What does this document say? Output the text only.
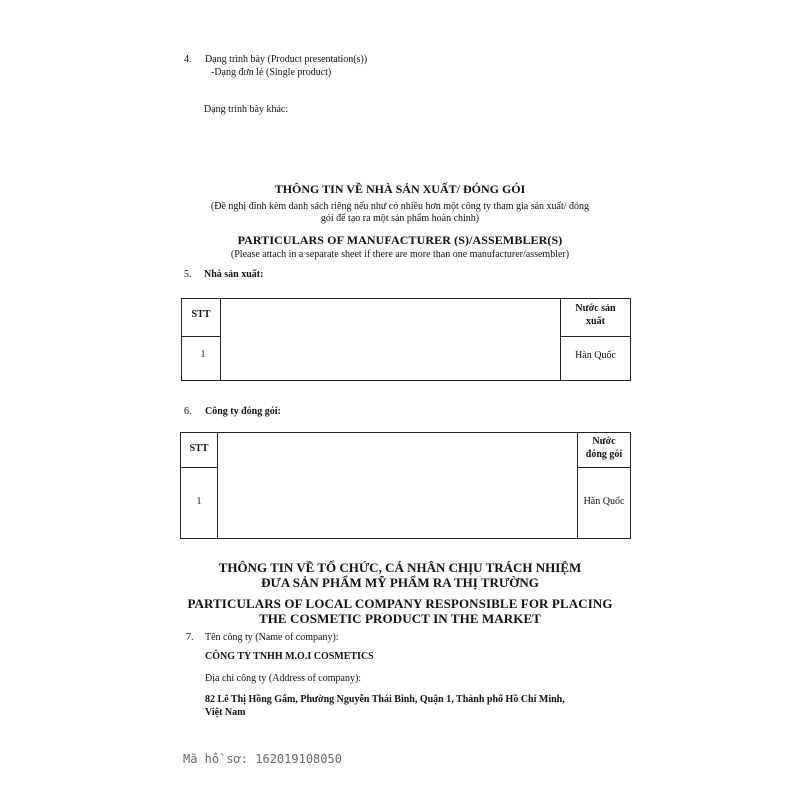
4. Dạng trình bày (Product presentation(s))
-Dạng đơn lẻ (Single product)
Dạng trình bày khác:
THÔNG TIN VỀ NHÀ SẢN XUẤT/ ĐÓNG GÓI
(Đề nghị đính kèm danh sách riêng nếu như có nhiều hơn một công ty tham gia sản xuất/ đóng
gói để tạo ra một sản phẩm hoàn chỉnh)
PARTICULARS OF MANUFACTURER (S)/ASSEMBLER(S)
(Please attach in a separate sheet if there are more than one manufacturer/assembler)
5. Nhà sản xuất:
STT
Nước sản
xuất
1	Hàn Quốc
6. Công ty đóng gói:
STT
Nước
đóng gói
1	Hàn Quốc
THÔNG TIN VỀ TỔ CHỨC, CÁ NHÂN CHỊU TRÁCH NHIỆM
ĐƯA SẢN PHẨM MỸ PHẨM RA THỊ TRƯỜNG
PARTICULARS OF LOCAL COMPANY RESPONSIBLE FOR PLACING
THE COSMETIC PRODUCT IN THE MARKET
7. Tên công ty (Name of company):
CÔNG TY TNHH M.O.I COSMETICS
Địa chỉ công ty (Address of company):
82 Lê Thị Hồng Gấm, Phường Nguyễn Thái Bình, Quận 1, Thành phố Hồ Chí Minh,
Việt Nam
Mã hồ sơ: 162019108050
